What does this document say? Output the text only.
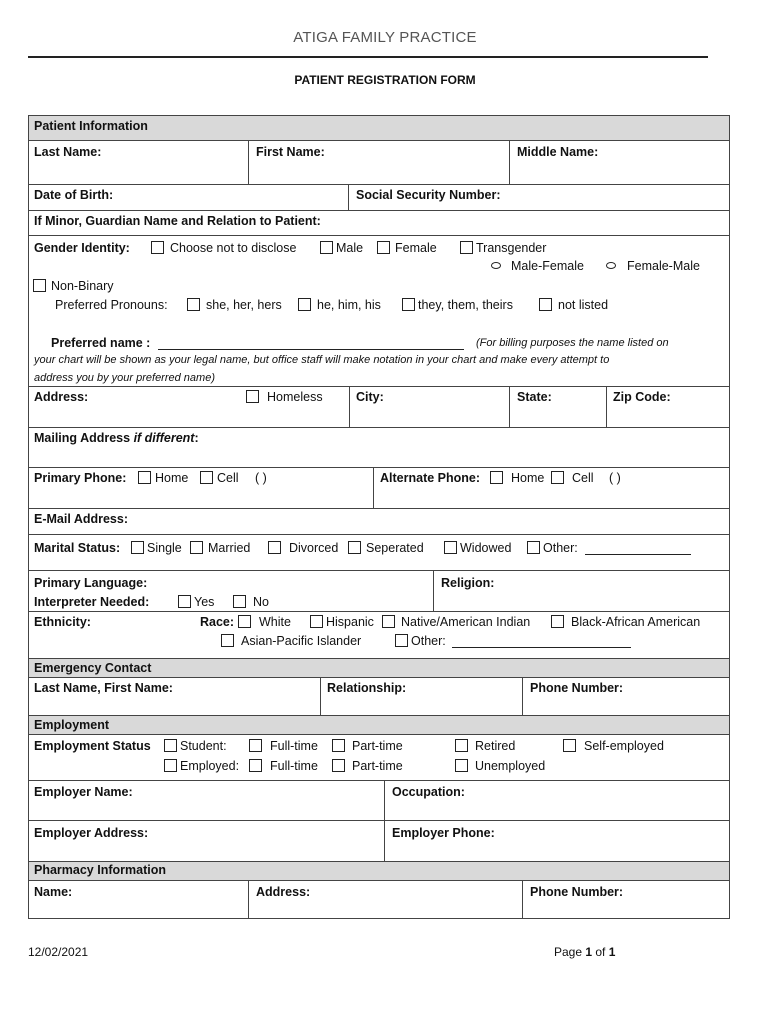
ATIGA FAMILY PRACTICE
PATIENT REGISTRATION FORM
Patient Information
Last Name:	First Name:	Middle Name:
Date of Birth:	Social Security Number:
If Minor, Guardian Name and Relation to Patient:
Gender Identity:	Choose not to disclose	Male	Female	Transgender
Male-Female	Female-Male
Non-Binary
Preferred Pronouns:	she, her, hers	he, him, his	they, them, theirs	not listed
Preferred name :	(For billing purposes the name listed on
your chart will be shown as your legal name, but office staff will make notation in your chart and make every attempt to
address you by your preferred name)
Address:	Homeless	City:	State:	Zip Code:
Mailing Address if different:
Primary Phone: Home Cell ( )	Alternate Phone: Home Cell ( )
E-Mail Address:
Marital Status: Single Married	Divorced Seperated	Widowed	Other:
Primary Language:	Religion:
Interpreter Needed:	Yes	No
Ethnicity:	Race: White	Hispanic Native/American Indian	Black-African American
Asian-Pacific Islander	Other:
Emergency Contact
Last Name, First Name:	Relationship:	Phone Number:
Employment
Employment Status Student:	Full-time	Part-time	Retired	Self-employed
Employed: Full-time	Part-time	Unemployed
Employer Name:	Occupation:
Employer Address:	Employer Phone:
Pharmacy Information
Name:	Address:	Phone Number:
12/02/2021	Page 1 of 1
